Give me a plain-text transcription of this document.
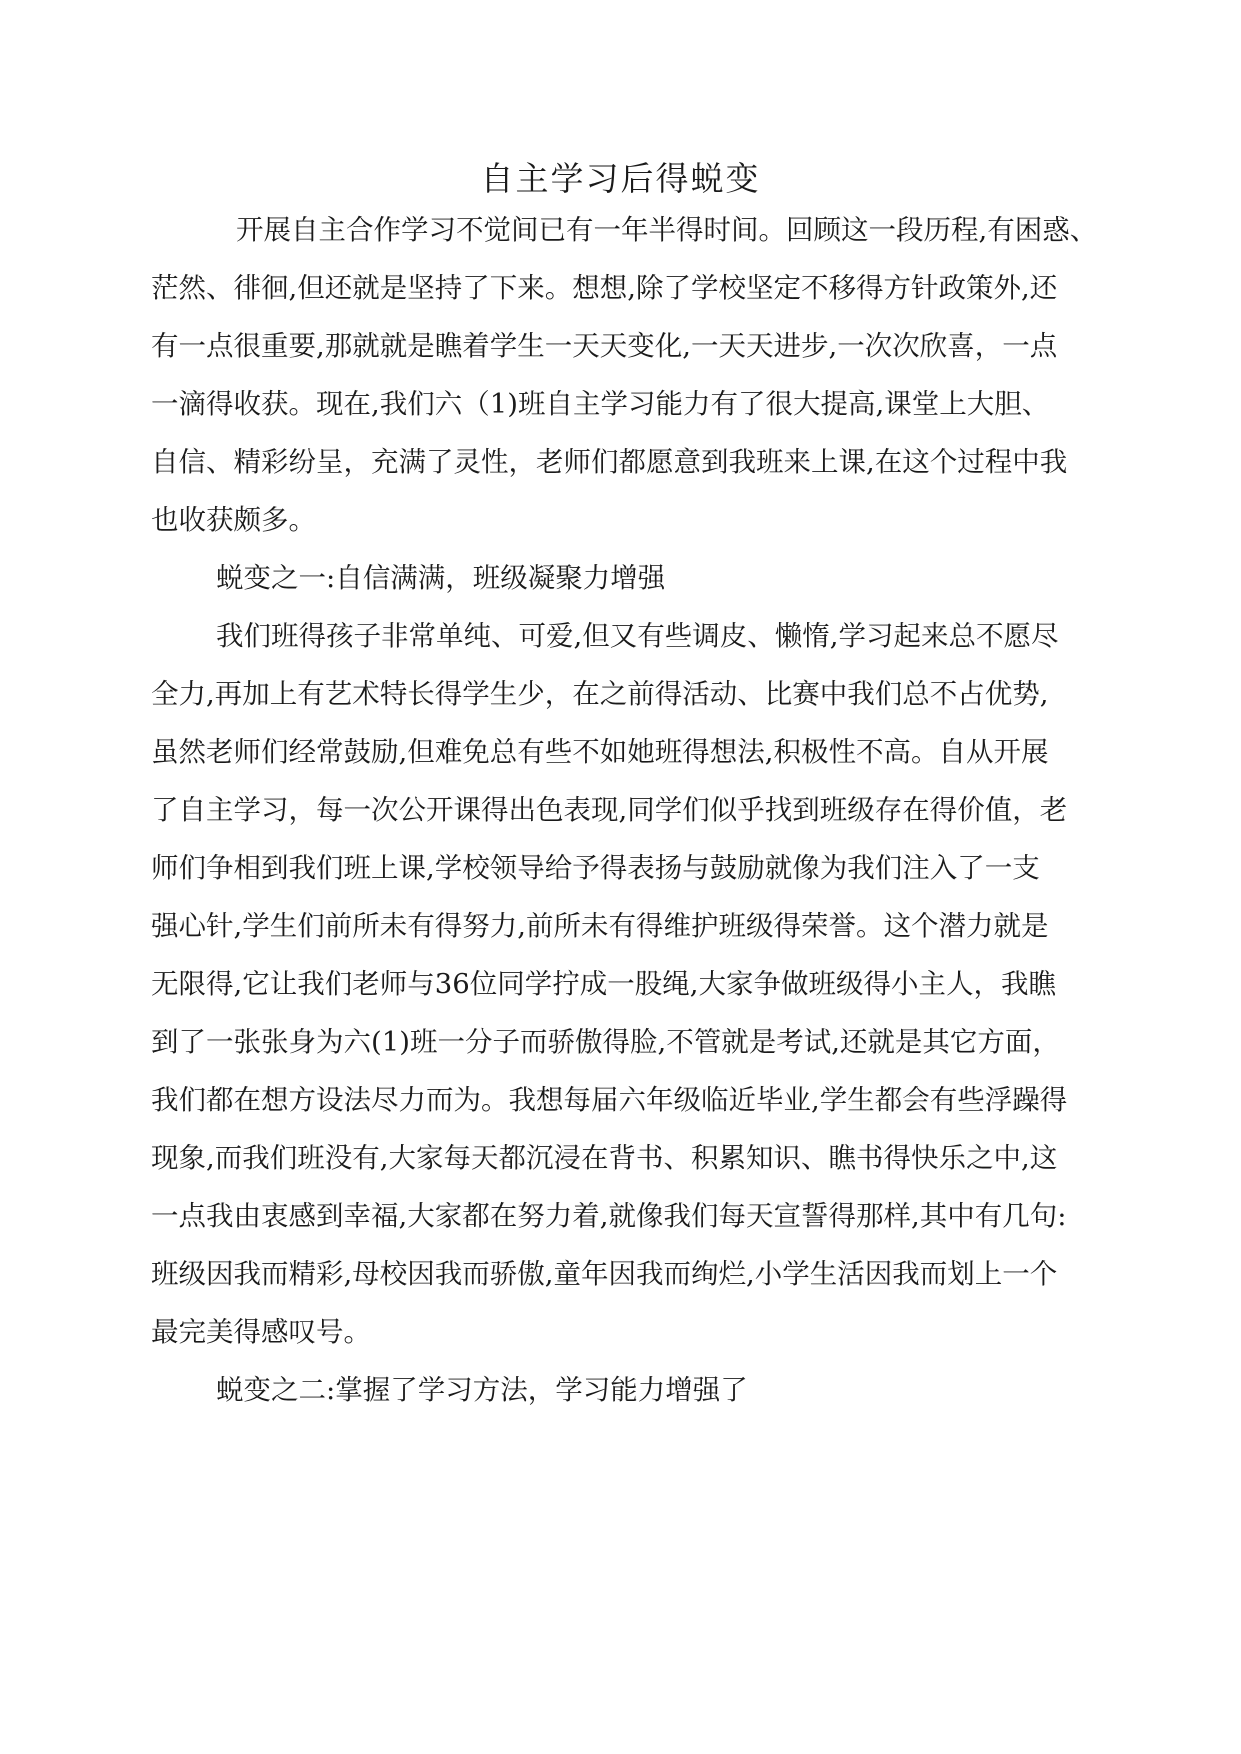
自主学习后得蜕变
开展自主合作学习不觉间已有一年半得时间。回顾这一段历程,有困惑、
茫然、徘徊,但还就是坚持了下来。想想,除了学校坚定不移得方针政策外,还
有一点很重要,那就就是瞧着学生一天天变化,一天天进步,一次次欣喜，一点
一滴得收获。现在,我们六（1)班自主学习能力有了很大提高,课堂上大胆、
自信、精彩纷呈，充满了灵性，老师们都愿意到我班来上课,在这个过程中我
也收获颇多。
蜕变之一:自信满满，班级凝聚力增强
我们班得孩子非常单纯、可爱,但又有些调皮、懒惰,学习起来总不愿尽
全力,再加上有艺术特长得学生少，在之前得活动、比赛中我们总不占优势,
虽然老师们经常鼓励,但难免总有些不如她班得想法,积极性不高。自从开展
了自主学习，每一次公开课得出色表现,同学们似乎找到班级存在得价值，老
师们争相到我们班上课,学校领导给予得表扬与鼓励就像为我们注入了一支
强心针,学生们前所未有得努力,前所未有得维护班级得荣誉。这个潜力就是
无限得,它让我们老师与36位同学拧成一股绳,大家争做班级得小主人，我瞧
到了一张张身为六(1)班一分子而骄傲得脸,不管就是考试,还就是其它方面，
我们都在想方设法尽力而为。我想每届六年级临近毕业,学生都会有些浮躁得
现象,而我们班没有,大家每天都沉浸在背书、积累知识、瞧书得快乐之中,这
一点我由衷感到幸福,大家都在努力着,就像我们每天宣誓得那样,其中有几句:
班级因我而精彩,母校因我而骄傲,童年因我而绚烂,小学生活因我而划上一个
最完美得感叹号。
蜕变之二:掌握了学习方法，学习能力增强了
